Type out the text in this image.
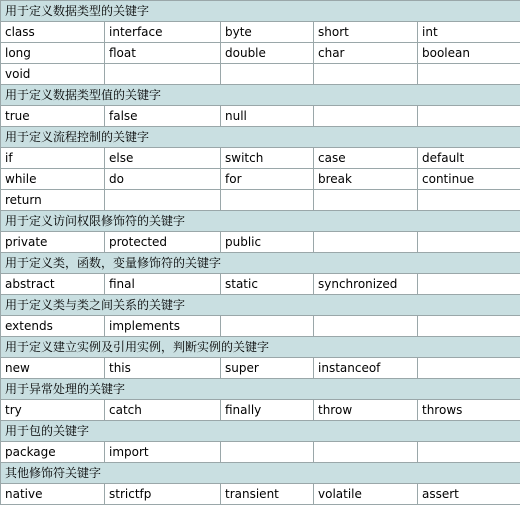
用于定义数据类型的关键字				
class	interface	byte	short	int
long	float	double	char	boolean
void				
用于定义数据类型值的关键字				
true	false	null		
用于定义流程控制的关键字				
if	else	switch	case	default
while	do	for	break	continue
return				
用于定义访问权限修饰符的关键字				
private	protected	public		
用于定义类，函数，变量修饰符的关键字				
abstract	final	static	synchronized	
用于定义类与类之间关系的关键字				
extends	implements			
用于定义建立实例及引用实例，判断实例的关键字				
new	this	super	instanceof	
用于异常处理的关键字				
try	catch	finally	throw	throws
用于包的关键字				
package	import			
其他修饰符关键字				
native	strictfp	transient	volatile	assert
